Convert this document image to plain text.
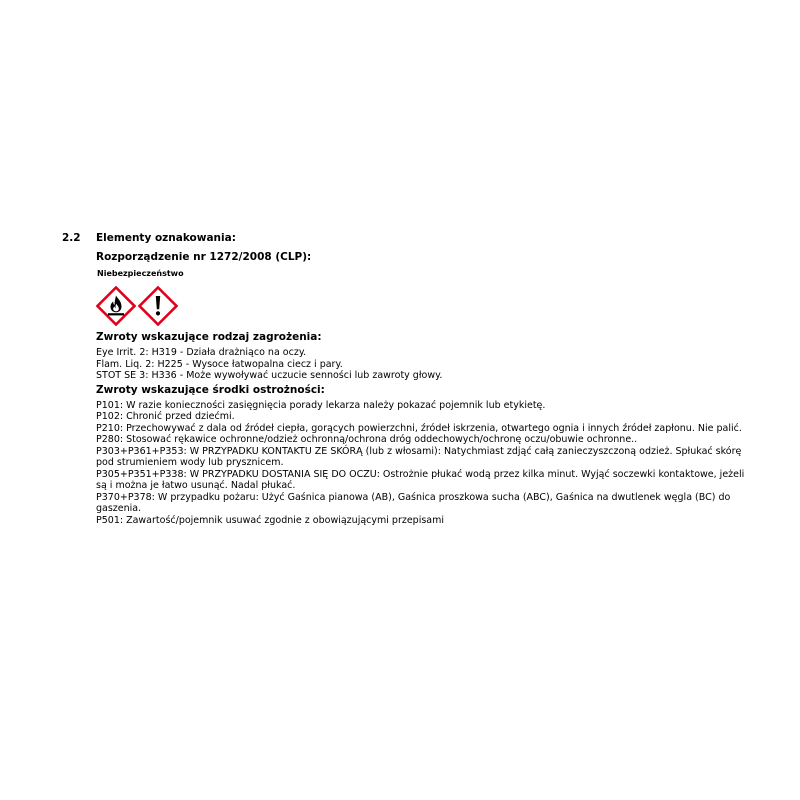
2.2 Elementy oznakowania:
Rozporządzenie nr 1272/2008 (CLP):
Niebezpieczeństwo
Zwroty wskazujące rodzaj zagrożenia:
Eye Irrit. 2: H319 - Działa drażniąco na oczy.
Flam. Liq. 2: H225 - Wysoce łatwopalna ciecz i pary.
STOT SE 3: H336 - Może wywoływać uczucie senności lub zawroty głowy.
Zwroty wskazujące środki ostrożności:
P101: W razie konieczności zasięgnięcia porady lekarza należy pokazać pojemnik lub etykietę.
P102: Chronić przed dziećmi.
P210: Przechowywać z dala od źródeł ciepła, gorących powierzchni, źródeł iskrzenia, otwartego ognia i innych źródeł zapłonu. Nie palić.
P280: Stosować rękawice ochronne/odzież ochronną/ochrona dróg oddechowych/ochronę oczu/obuwie ochronne..
P303+P361+P353: W PRZYPADKU KONTAKTU ZE SKÓRĄ (lub z włosami): Natychmiast zdjąć całą zanieczyszczoną odzież. Spłukać skórę pod strumieniem wody lub prysznicem.
P305+P351+P338: W PRZYPADKU DOSTANIA SIĘ DO OCZU: Ostrożnie płukać wodą przez kilka minut. Wyjąć soczewki kontaktowe, jeżeli są i można je łatwo usunąć. Nadal płukać.
P370+P378: W przypadku pożaru: Użyć Gaśnica pianowa (AB), Gaśnica proszkowa sucha (ABC), Gaśnica na dwutlenek węgla (BC) do gaszenia.
P501: Zawartość/pojemnik usuwać zgodnie z obowiązującymi przepisami
